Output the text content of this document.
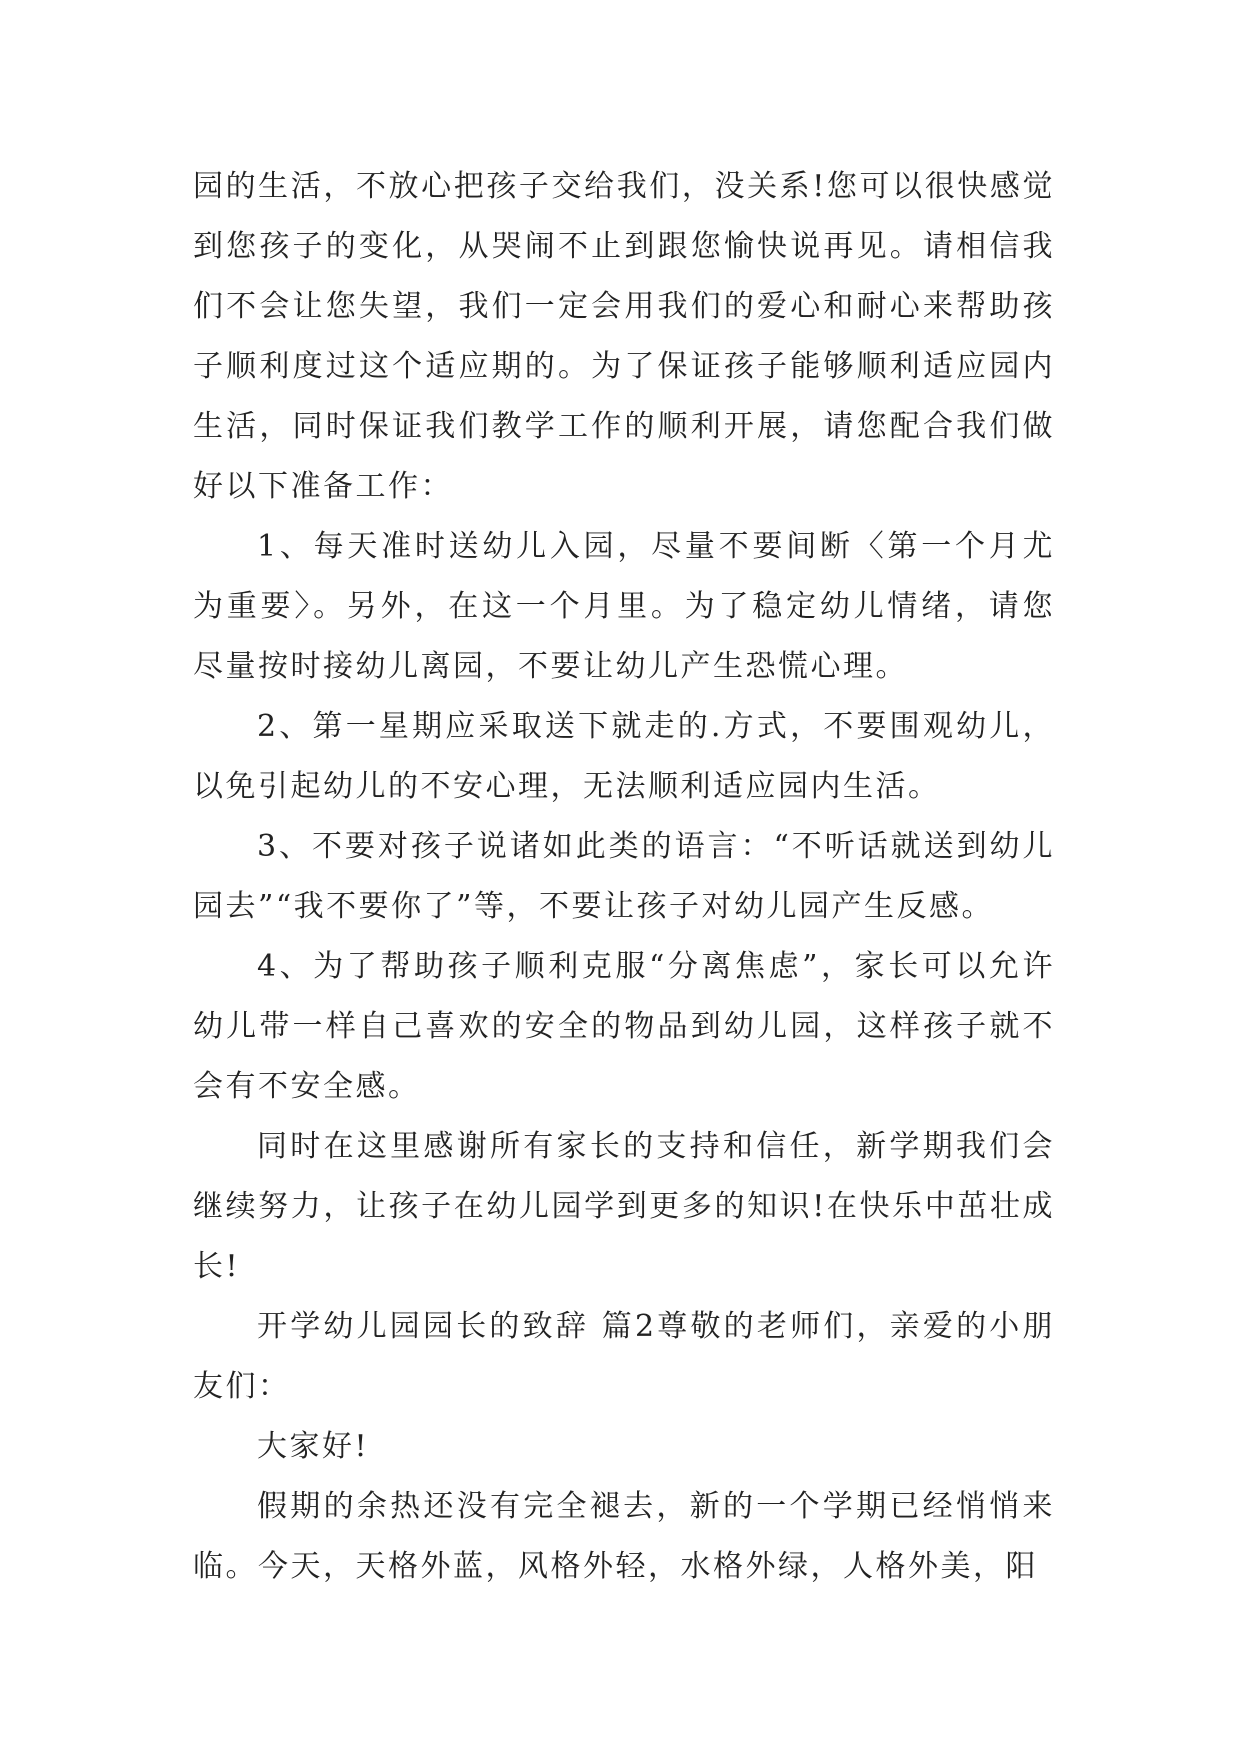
园的生活，不放心把孩子交给我们，没关系!您可以很快感觉到您孩子的变化，从哭闹不止到跟您愉快说再见。请相信我们不会让您失望，我们一定会用我们的爱心和耐心来帮助孩子顺利度过这个适应期的。为了保证孩子能够顺利适应园内生活，同时保证我们教学工作的顺利开展，请您配合我们做好以下准备工作：

1、每天准时送幼儿入园，尽量不要间断〈第一个月尤为重要〉。另外，在这一个月里。为了稳定幼儿情绪，请您尽量按时接幼儿离园，不要让幼儿产生恐慌心理。

2、第一星期应采取送下就走的.方式，不要围观幼儿，以免引起幼儿的不安心理，无法顺利适应园内生活。

3、不要对孩子说诸如此类的语言：“不听话就送到幼儿园去”“我不要你了”等，不要让孩子对幼儿园产生反感。

4、为了帮助孩子顺利克服“分离焦虑”，家长可以允许幼儿带一样自己喜欢的安全的物品到幼儿园，这样孩子就不会有不安全感。

同时在这里感谢所有家长的支持和信任，新学期我们会继续努力，让孩子在幼儿园学到更多的知识!在快乐中茁壮成长!

开学幼儿园园长的致辞 篇2尊敬的老师们，亲爱的小朋友们：

大家好!

假期的余热还没有完全褪去，新的一个学期已经悄悄来临。今天，天格外蓝，风格外轻，水格外绿，人格外美，阳
